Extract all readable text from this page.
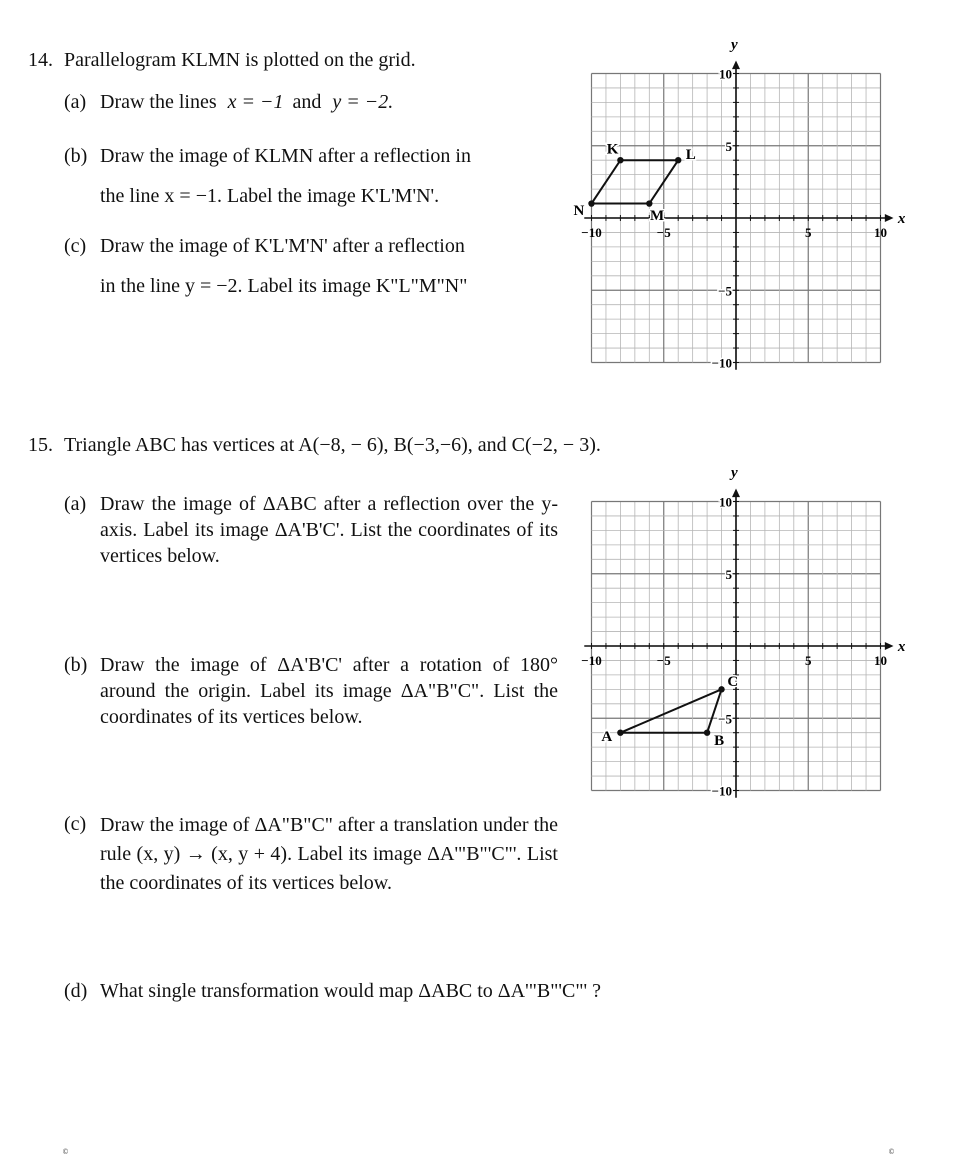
14. Parallelogram KLMN is plotted on the grid.
(a) Draw the lines x = −1 and y = −2.
(b) Draw the image of KLMN after a reflection in
the line x = −1. Label the image K'L'M'N'.
(c) Draw the image of K'L'M'N' after a reflection
in the line y = −2. Label its image K"L"M"N"
x
y
−10	−5	5	10
10
5
−5
−10
K	L
M
N
15. Triangle ABC has vertices at A(−8, − 6), B(−3,−6), and C(−2, − 3).
(a) Draw the image of ΔABC after a reflection over the y-axis. Label its image ΔA'B'C'. List the coordinates of its vertices below.
(b) Draw the image of ΔA'B'C' after a rotation of 180° around the origin. Label its image ΔA"B"C". List the coordinates of its vertices below.
(c) Draw the image of ΔA"B"C" after a translation under the rule (x, y) → (x, y + 4). Label its image ΔA'"B"'C"'. List the coordinates of its vertices below.
(d) What single transformation would map ΔABC to ΔA'"B"'C"' ?
x
y
−10	−5	5	10
10
5
−5
−10
A	B
C
©	©
